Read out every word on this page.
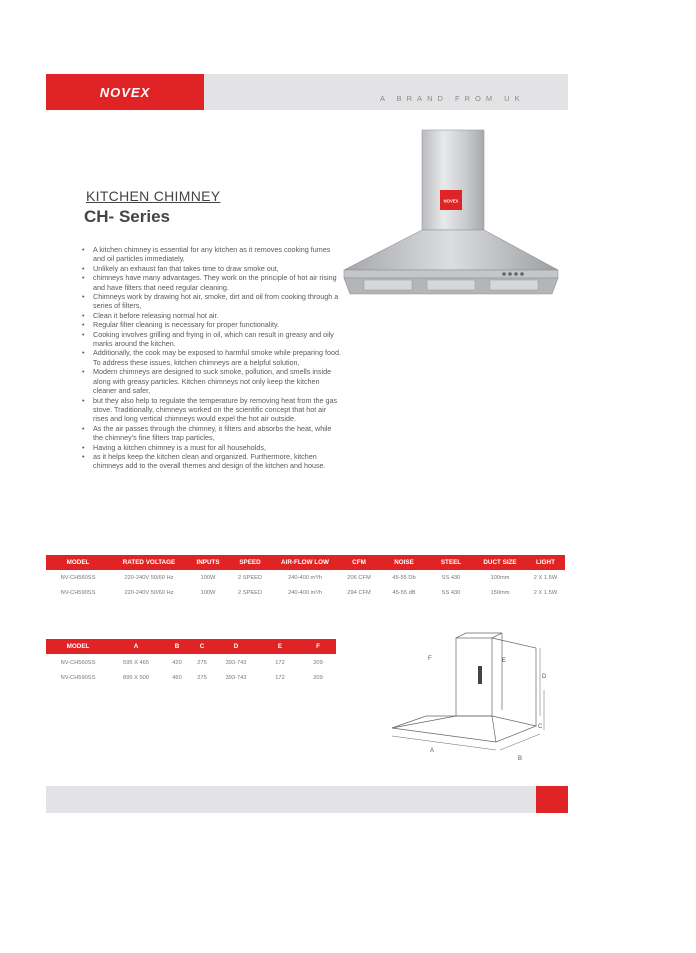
NOVEX	A BRAND FROM UK
KITCHEN CHIMNEY
CH- Series
• A kitchen chimney is essential for any kitchen as it removes cooking fumes and oil particles immediately,
• Unlikely an exhaust fan that takes time to draw smoke out,
• chimneys have many advantages. They work on the principle of hot air rising and have filters that need regular cleaning.
• Chimneys work by drawing hot air, smoke, dirt and oil from cooking through a series of filters,
• Clean it before releasing normal hot air.
• Regular filter cleaning is necessary for proper functionality.
• Cooking involves grilling and frying in oil, which can result in greasy and oily marks around the kitchen.
• Additionally, the cook may be exposed to harmful smoke while preparing food. To address these issues, kitchen chimneys are a helpful solution,
• Modern chimneys are designed to suck smoke, pollution, and smells inside along with greasy particles. Kitchen chimneys not only keep the kitchen cleaner and safer,
• but they also help to regulate the temperature by removing heat from the gas stove. Traditionally, chimneys worked on the scientific concept that hot air rises and long vertical chimneys would expel the hot air outside.
• As the air passes through the chimney, it filters and absorbs the heat, while the chimney's fine filters trap particles,
• Having a kitchen chimney is a must for all households,
• as it helps keep the kitchen clean and organized. Furthermore, kitchen chimneys add to the overall themes and design of the kitchen and house.
NOVEX
MODEL	RATED VOLTAGE	INPUTS	SPEED	AIR-FLOW LOW	CFM	NOISE	STEEL	DUCT SIZE	LIGHT
NV-CH560SS	220-240V 50/60 Hz	100W	2 SPEED	240-400 m³/h	206 CFM	45-55 Db	SS 430	100mm	2 X 1.5W
NV-CH590SS	220-240V 50/60 Hz	100W	2 SPEED	240-400 m³/h	294 CFM	45-55 dB	SS 430	150mm	2 X 1.5W
MODEL	A	B	C	D	E	F
NV-CH560SS	595 X 465	420	275	393-743	172	209
NV-CH590SS	895 X 500	460	275	393-743	172	209
A
B
C
D
E
F
